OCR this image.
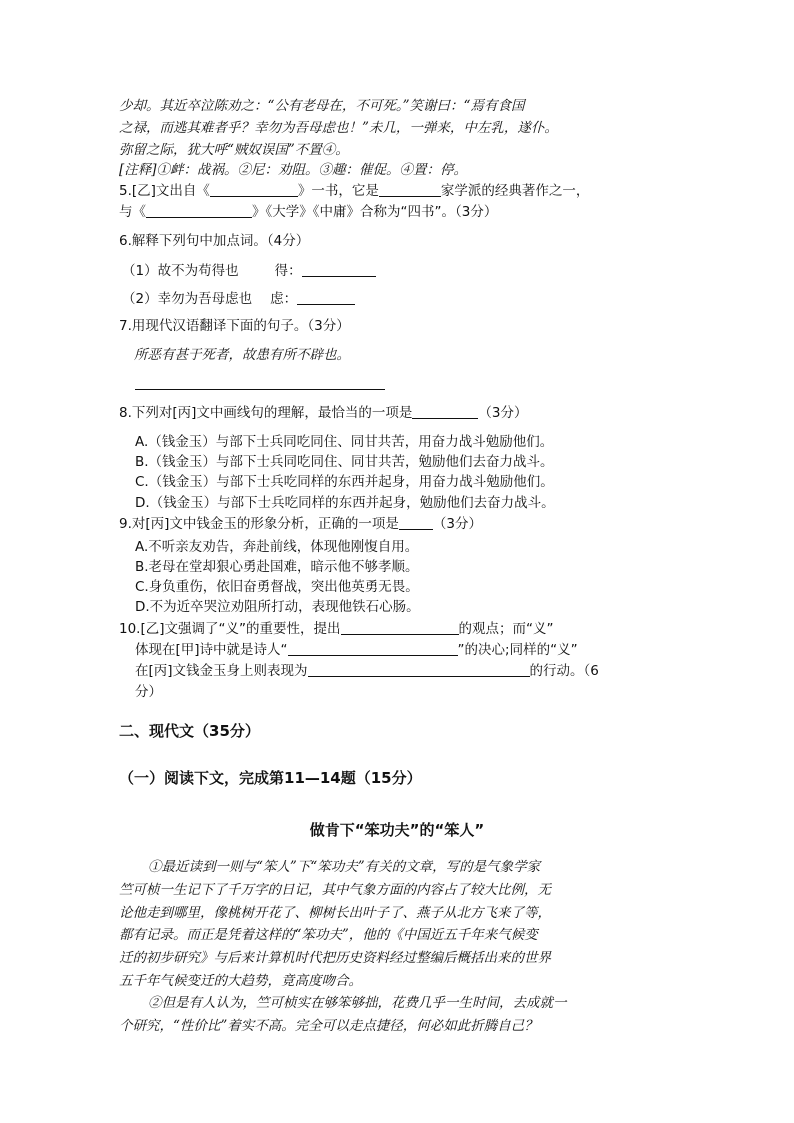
少却。其近卒泣陈劝之：“公有老母在，不可死。”笑谢曰：“焉有食国
之禄，而逃其难者乎？幸勿为吾母虑也！”未几，一弹来，中左乳，遂仆。
弥留之际，犹大呼“贼奴误国”不置④。
[注释]①衅：战祸。②尼：劝阻。③趣：催促。④置：停。
5.[乙]文出自《	》一书，它是	家学派的经典著作之一，
与《	》《大学》《中庸》合称为“四书”。（3分）
6.解释下列句中加点词。（4分）
（1）故不为苟得也	得：
（2）幸勿为吾母虑也 虑：
7.用现代汉语翻译下面的句子。（3分）
所恶有甚于死者，故患有所不辟也。
8.下列对[丙]文中画线句的理解，最恰当的一项是	（3分）
A.（钱金玉）与部下士兵同吃同住、同甘共苦，用奋力战斗勉励他们。
B.（钱金玉）与部下士兵同吃同住、同甘共苦，勉励他们去奋力战斗。
C.（钱金玉）与部下士兵吃同样的东西并起身，用奋力战斗勉励他们。
D.（钱金玉）与部下士兵吃同样的东西并起身，勉励他们去奋力战斗。
9.对[丙]文中钱金玉的形象分析，正确的一项是	（3分）
A.不听亲友劝告，奔赴前线，体现他刚愎自用。
B.老母在堂却狠心勇赴国难，暗示他不够孝顺。
C.身负重伤，依旧奋勇督战，突出他英勇无畏。
D.不为近卒哭泣劝阻所打动，表现他铁石心肠。
10.[乙]文强调了“义”的重要性，提出	的观点；而“义”
体现在[甲]诗中就是诗人“	”的决心;同样的“义”
在[丙]文钱金玉身上则表现为	的行动。（6
分）
二、现代文（35分）
（一）阅读下文，完成第11—14题（15分）
做肯下“笨功夫”的“笨人”
①最近读到一则与“笨人”下“笨功夫”有关的文章，写的是气象学家
竺可桢一生记下了千万字的日记，其中气象方面的内容占了较大比例，无
论他走到哪里，像桃树开花了、柳树长出叶子了、燕子从北方飞来了等，
都有记录。而正是凭着这样的“笨功夫”，他的《中国近五千年来气候变
迁的初步研究》与后来计算机时代把历史资料经过整编后概括出来的世界
五千年气候变迁的大趋势，竟高度吻合。
②但是有人认为，竺可桢实在够笨够拙，花费几乎一生时间，去成就一
个研究，“性价比”着实不高。完全可以走点捷径，何必如此折腾自己？
